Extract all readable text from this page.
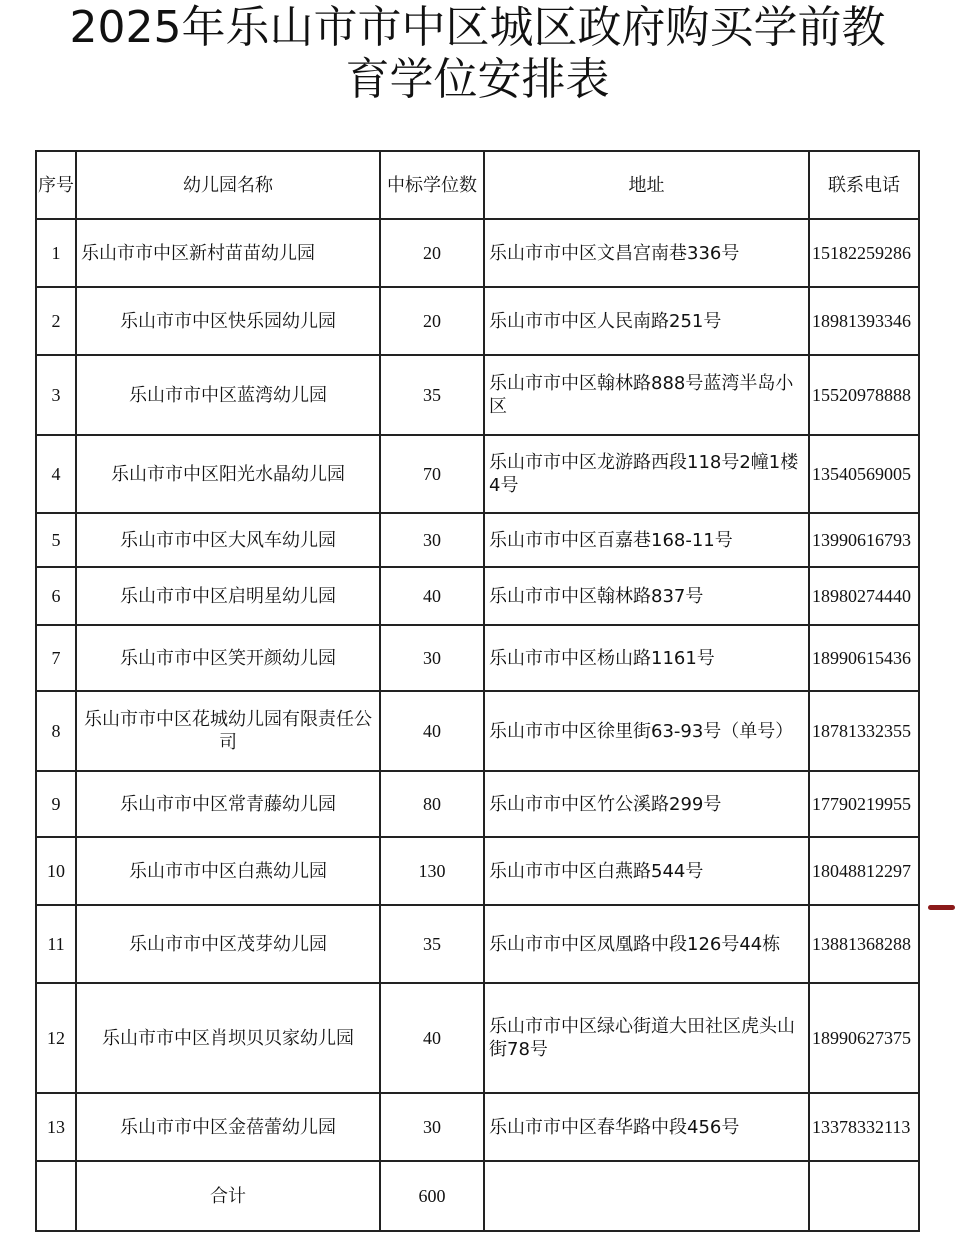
2025年乐山市市中区城区政府购买学前教
育学位安排表
序号	幼儿园名称	中标学位数	地址	联系电话
1	乐山市市中区新村苗苗幼儿园	20	乐山市市中区文昌宫南巷336号	15182259286
2	乐山市市中区快乐园幼儿园	20	乐山市市中区人民南路251号	18981393346
3	乐山市市中区蓝湾幼儿园	35	乐山市市中区翰林路888号蓝湾半岛小区	15520978888
4	乐山市市中区阳光水晶幼儿园	70	乐山市市中区龙游路西段118号2幢1楼4号	13540569005
5	乐山市市中区大风车幼儿园	30	乐山市市中区百嘉巷168-11号	13990616793
6	乐山市市中区启明星幼儿园	40	乐山市市中区翰林路837号	18980274440
7	乐山市市中区笑开颜幼儿园	30	乐山市市中区杨山路1161号	18990615436
8	乐山市市中区花城幼儿园有限责任公司	40	乐山市市中区徐里街63-93号（单号）	18781332355
9	乐山市市中区常青藤幼儿园	80	乐山市市中区竹公溪路299号	17790219955
10	乐山市市中区白燕幼儿园	130	乐山市市中区白燕路544号	18048812297
11	乐山市市中区茂芽幼儿园	35	乐山市市中区凤凰路中段126号44栋	13881368288
12	乐山市市中区肖坝贝贝家幼儿园	40	乐山市市中区绿心街道大田社区虎头山街78号	18990627375
13	乐山市市中区金蓓蕾幼儿园	30	乐山市市中区春华路中段456号	13378332113
	合计	600		
